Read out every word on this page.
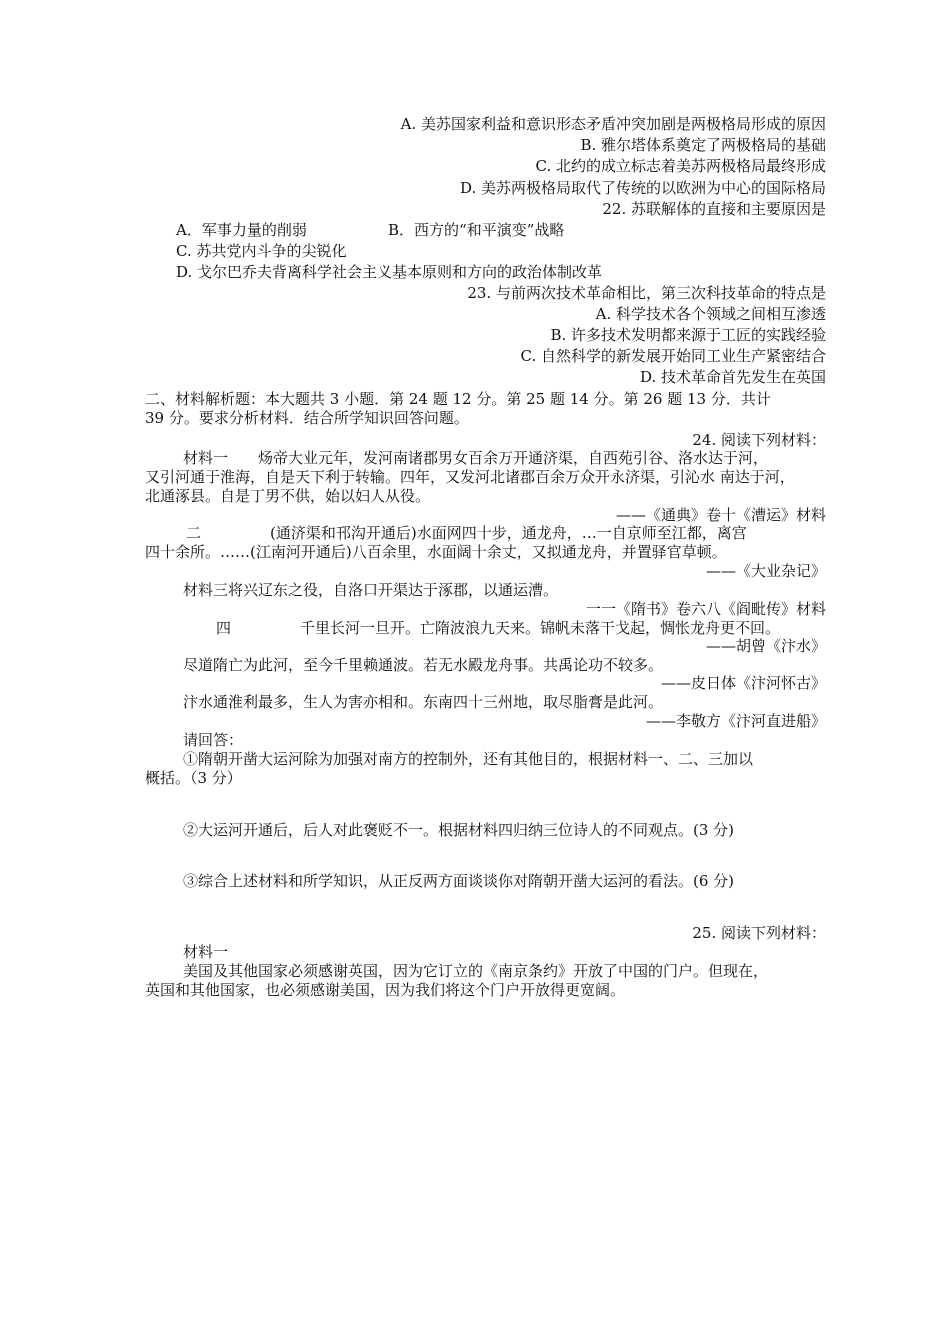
A. 美苏国家利益和意识形态矛盾冲突加剧是两极格局形成的原因
B. 雅尔塔体系奠定了两极格局的基础
C. 北约的成立标志着美苏两极格局最终形成
D. 美苏两极格局取代了传统的以欧洲为中心的国际格局
22. 苏联解体的直接和主要原因是
A．军事力量的削弱	B．西方的“和平演变”战略
C. 苏共党内斗争的尖锐化
D. 戈尔巴乔夫背离科学社会主义基本原则和方向的政治体制改革
23. 与前两次技术革命相比，第三次科技革命的特点是
A. 科学技术各个领域之间相互渗透
B. 许多技术发明都来源于工匠的实践经验
C. 自然科学的新发展开始同工业生产紧密结合
D. 技术革命首先发生在英国
二、材料解析题：本大题共 3 小题．第 24 题 12 分。第 25 题 14 分。第 26 题 13 分．共计
39 分。要求分析材料．结合所学知识回答问题。
24. 阅读下列材料：
材料一 炀帝大业元年，发河南诸郡男女百余万开通济渠，自西苑引谷、洛水达于河，
又引河通于淮海，自是天下利于转输。四年，又发河北诸郡百余万众开永济渠，引沁水 南达于河，
北通涿县。自是丁男不供，始以妇人从役。
——《通典》卷十《漕运》材料
二	(通济渠和邗沟开通后)水面网四十步，通龙舟，…一自京师至江都，离宫
四十余所。……(江南河开通后)八百余里，水面阔十余丈，又拟通龙舟，并置驿官草顿。
——《大业杂记》
材料三将兴辽东之役，自洛口开渠达于涿郡，以通运漕。
一一《隋书》卷六八《阎毗传》材料
四	千里长河一旦开。亡隋波浪九天来。锦帆未落干戈起，惆怅龙舟更不回。
——胡曾《汴水》
尽道隋亡为此河，至今千里赖通波。若无水殿龙舟事。共禹论功不较多。
——皮日体《汴河怀古》
汴水通淮利最多，生人为害亦相和。东南四十三州地，取尽脂膏是此河。
——李敬方《汴河直进船》
请回答：
①隋朝开凿大运河除为加强对南方的控制外，还有其他目的，根据材料一、二、三加以
概括。（3 分）
②大运河开通后，后人对此褒贬不一。根据材料四归纳三位诗人的不同观点。(3 分)
③综合上述材料和所学知识，从正反两方面谈谈你对隋朝开凿大运河的看法。(6 分)
25. 阅读下列材料：
材料一
美国及其他国家必须感谢英国，因为它订立的《南京条约》开放了中国的门户。但现在，
英国和其他国家，也必须感谢美国，因为我们将这个门户开放得更宽阔。
